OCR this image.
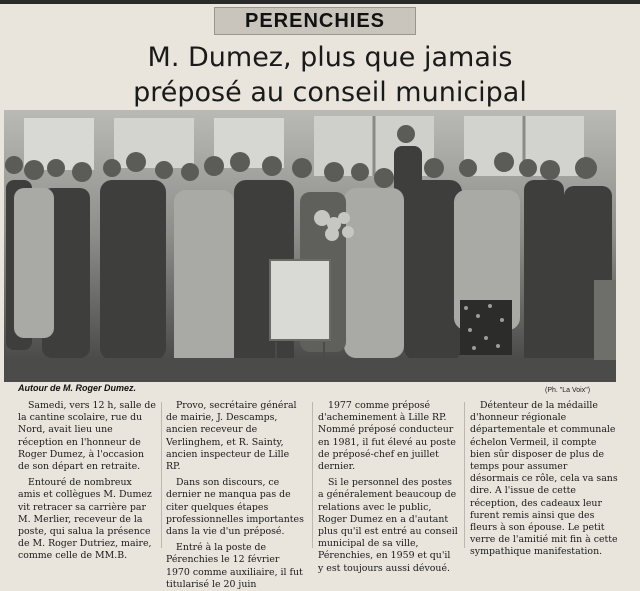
PERENCHIES
M. Dumez, plus que jamais
préposé au conseil municipal
Autour de M. Roger Dumez.	(Ph. "La Voix")

Samedi, vers 12 h, salle de la cantine scolaire, rue du Nord, avait lieu une réception en l'honneur de Roger Dumez, à l'occasion de son départ en retraite.

Entouré de nombreux amis et collègues M. Dumez vit retracer sa carrière par M. Merlier, receveur de la poste, qui salua la présence de M. Roger Dutriez, maire, comme celle de MM.B.

Provo, secrétaire général de mairie, J. Descamps, ancien receveur de Verlinghem, et R. Sainty, ancien inspecteur de Lille RP.

Dans son discours, ce dernier ne manqua pas de citer quelques étapes professionnelles importantes dans la vie d'un préposé.

Entré à la poste de Pérenchies le 12 février 1970 comme auxiliaire, il fut titularisé le 20 juin

1977 comme préposé d'acheminement à Lille RP. Nommé préposé conducteur en 1981, il fut élevé au poste de préposé-chef en juillet dernier.

Si le personnel des postes a généralement beaucoup de relations avec le public, Roger Dumez en a d'autant plus qu'il est entré au conseil municipal de sa ville, Pérenchies, en 1959 et qu'il y est toujours aussi dévoué.

Détenteur de la médaille d'honneur régionale départementale et communale échelon Vermeil, il compte bien sûr disposer de plus de temps pour assumer désormais ce rôle, cela va sans dire. A l'issue de cette réception, des cadeaux leur furent remis ainsi que des fleurs à son épouse. Le petit verre de l'amitié mit fin à cette sympathique manifestation.
